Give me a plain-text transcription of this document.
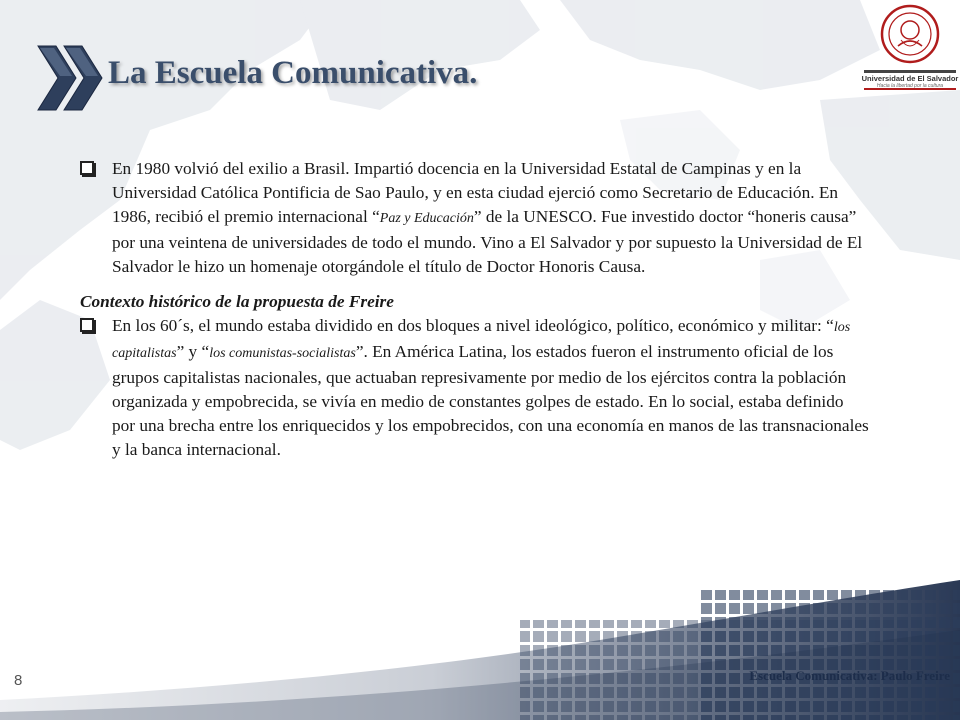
Universidad de El Salvador
Hacia la libertad por la cultura
La Escuela Comunicativa.

En 1980 volvió del exilio a Brasil. Impartió docencia en la Universidad Estatal de Campinas y en la Universidad Católica Pontificia de Sao Paulo, y en esta ciudad ejerció como Secretario de Educación. En 1986, recibió el premio internacional “Paz y Educación” de la UNESCO. Fue investido doctor “honeris causa” por una veintena de universidades de todo el mundo. Vino a El Salvador y por supuesto la Universidad de El Salvador le hizo un homenaje otorgándole el título de Doctor Honoris Causa.

Contexto histórico de la propuesta de Freire

En los 60´s, el mundo estaba dividido en dos bloques a nivel ideológico, político, económico y militar: “los capitalistas” y “los comunistas-socialistas”. En América Latina, los estados fueron el instrumento oficial de los grupos capitalistas nacionales, que actuaban represivamente por medio de los ejércitos contra la población organizada y empobrecida, se vivía en medio de constantes golpes de estado. En lo social, estaba definido por una brecha entre los enriquecidos y los empobrecidos, con una economía en manos de las transnacionales y la banca internacional.

8	Escuela Comunicativa: Paulo Freire
